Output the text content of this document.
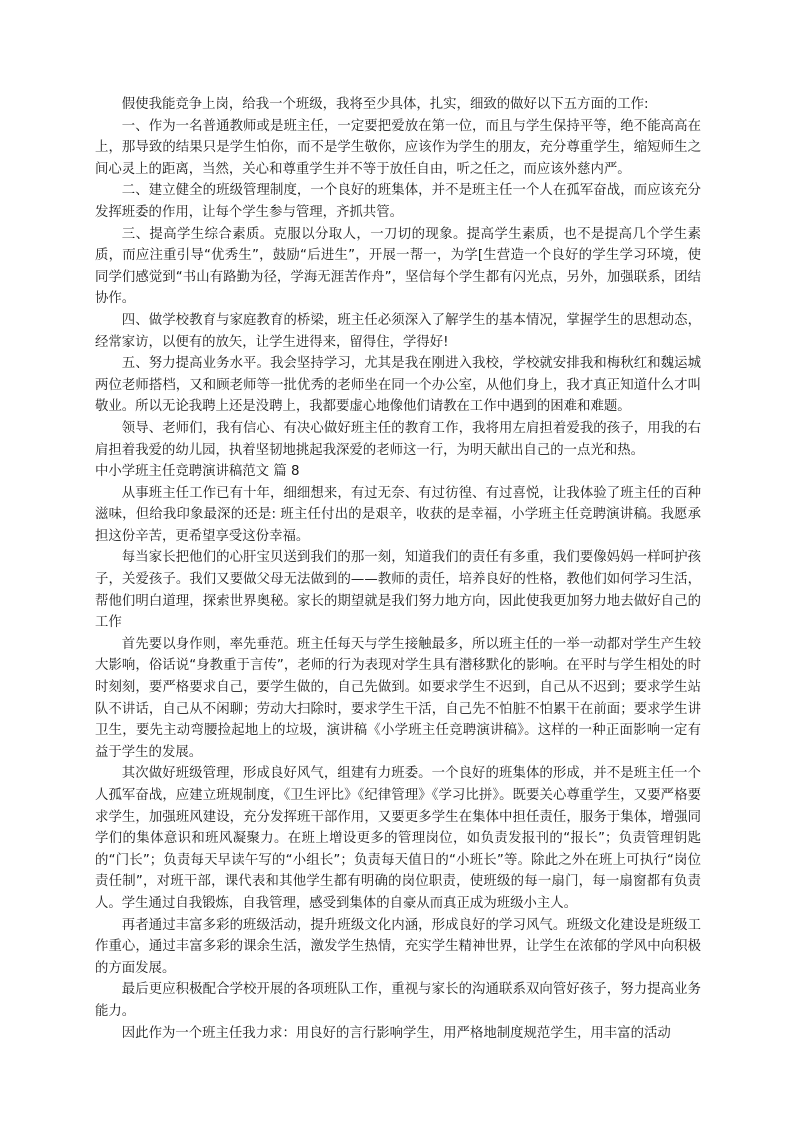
假使我能竞争上岗，给我一个班级，我将至少具体，扎实，细致的做好以下五方面的工作:

一、作为一名普通教师或是班主任，一定要把爱放在第一位，而且与学生保持平等，绝不能高高在上，那导致的结果只是学生怕你，而不是学生敬你，应该作为学生的朋友，充分尊重学生，缩短师生之间心灵上的距离，当然，关心和尊重学生并不等于放任自由，听之任之，而应该外慈内严。

二、建立健全的班级管理制度，一个良好的班集体，并不是班主任一个人在孤军奋战，而应该充分发挥班委的作用，让每个学生参与管理，齐抓共管。

三、提高学生综合素质。克服以分取人，一刀切的现象。提高学生素质，也不是提高几个学生素质，而应注重引导“优秀生”，鼓励“后进生”，开展一帮一，为学[生营造一个良好的学生学习环境，使同学们感觉到“书山有路勤为径，学海无涯苦作舟”，坚信每个学生都有闪光点，另外，加强联系，团结协作。

四、做学校教育与家庭教育的桥梁，班主任必须深入了解学生的基本情况，掌握学生的思想动态，经常家访，以便有的放矢，让学生进得来，留得住，学得好!

五、努力提高业务水平。我会坚持学习，尤其是我在刚进入我校，学校就安排我和梅秋红和魏运城两位老师搭档，又和顾老师等一批优秀的老师坐在同一个办公室，从他们身上，我才真正知道什么才叫敬业。所以无论我聘上还是没聘上，我都要虚心地像他们请教在工作中遇到的困难和难题。

领导、老师们，我有信心、有决心做好班主任的教育工作，我将用左肩担着爱我的孩子，用我的右肩担着我爱的幼儿园，执着坚韧地挑起我深爱的老师这一行，为明天献出自己的一点光和热。

中小学班主任竞聘演讲稿范文 篇 8

从事班主任工作已有十年，细细想来，有过无奈、有过彷徨、有过喜悦，让我体验了班主任的百种滋味，但给我印象最深的还是: 班主任付出的是艰辛，收获的是幸福，小学班主任竞聘演讲稿。我愿承担这份辛苦，更希望享受这份幸福。

每当家长把他们的心肝宝贝送到我们的那一刻，知道我们的责任有多重，我们要像妈妈一样呵护孩子，关爱孩子。我们又要做父母无法做到的——教师的责任，培养良好的性格，教他们如何学习生活，帮他们明白道理，探索世界奥秘。家长的期望就是我们努力地方向，因此使我更加努力地去做好自己的工作

首先要以身作则，率先垂范。班主任每天与学生接触最多，所以班主任的一举一动都对学生产生较大影响，俗话说“身教重于言传”，老师的行为表现对学生具有潜移默化的影响。在平时与学生相处的时时刻刻，要严格要求自己，要学生做的，自己先做到。如要求学生不迟到，自己从不迟到；要求学生站队不讲话，自己从不闲聊；劳动大扫除时，要求学生干活，自己先不怕脏不怕累干在前面；要求学生讲卫生，要先主动弯腰捡起地上的垃圾，演讲稿《小学班主任竞聘演讲稿》。这样的一种正面影响一定有益于学生的发展。

其次做好班级管理，形成良好风气，组建有力班委。一个良好的班集体的形成，并不是班主任一个人孤军奋战，应建立班规制度，《卫生评比》《纪律管理》《学习比拼》。既要关心尊重学生，又要严格要求学生，加强班风建设，充分发挥班干部作用，又要更多学生在集体中担任责任，服务于集体，增强同学们的集体意识和班风凝聚力。在班上增设更多的管理岗位，如负责发报刊的“报长”；负责管理钥匙的“门长”；负责每天早读午写的“小组长”；负责每天值日的“小班长”等。除此之外在班上可执行“岗位责任制”，对班干部，课代表和其他学生都有明确的岗位职责，使班级的每一扇门，每一扇窗都有负责人。学生通过自我锻炼，自我管理，感受到集体的自豪从而真正成为班级小主人。

再者通过丰富多彩的班级活动，提升班级文化内涵，形成良好的学习风气。班级文化建设是班级工作重心，通过丰富多彩的课余生活，激发学生热情，充实学生精神世界，让学生在浓郁的学风中向积极的方面发展。

最后更应积极配合学校开展的各项班队工作，重视与家长的沟通联系双向管好孩子，努力提高业务能力。

因此作为一个班主任我力求：用良好的言行影响学生，用严格地制度规范学生，用丰富的活动
